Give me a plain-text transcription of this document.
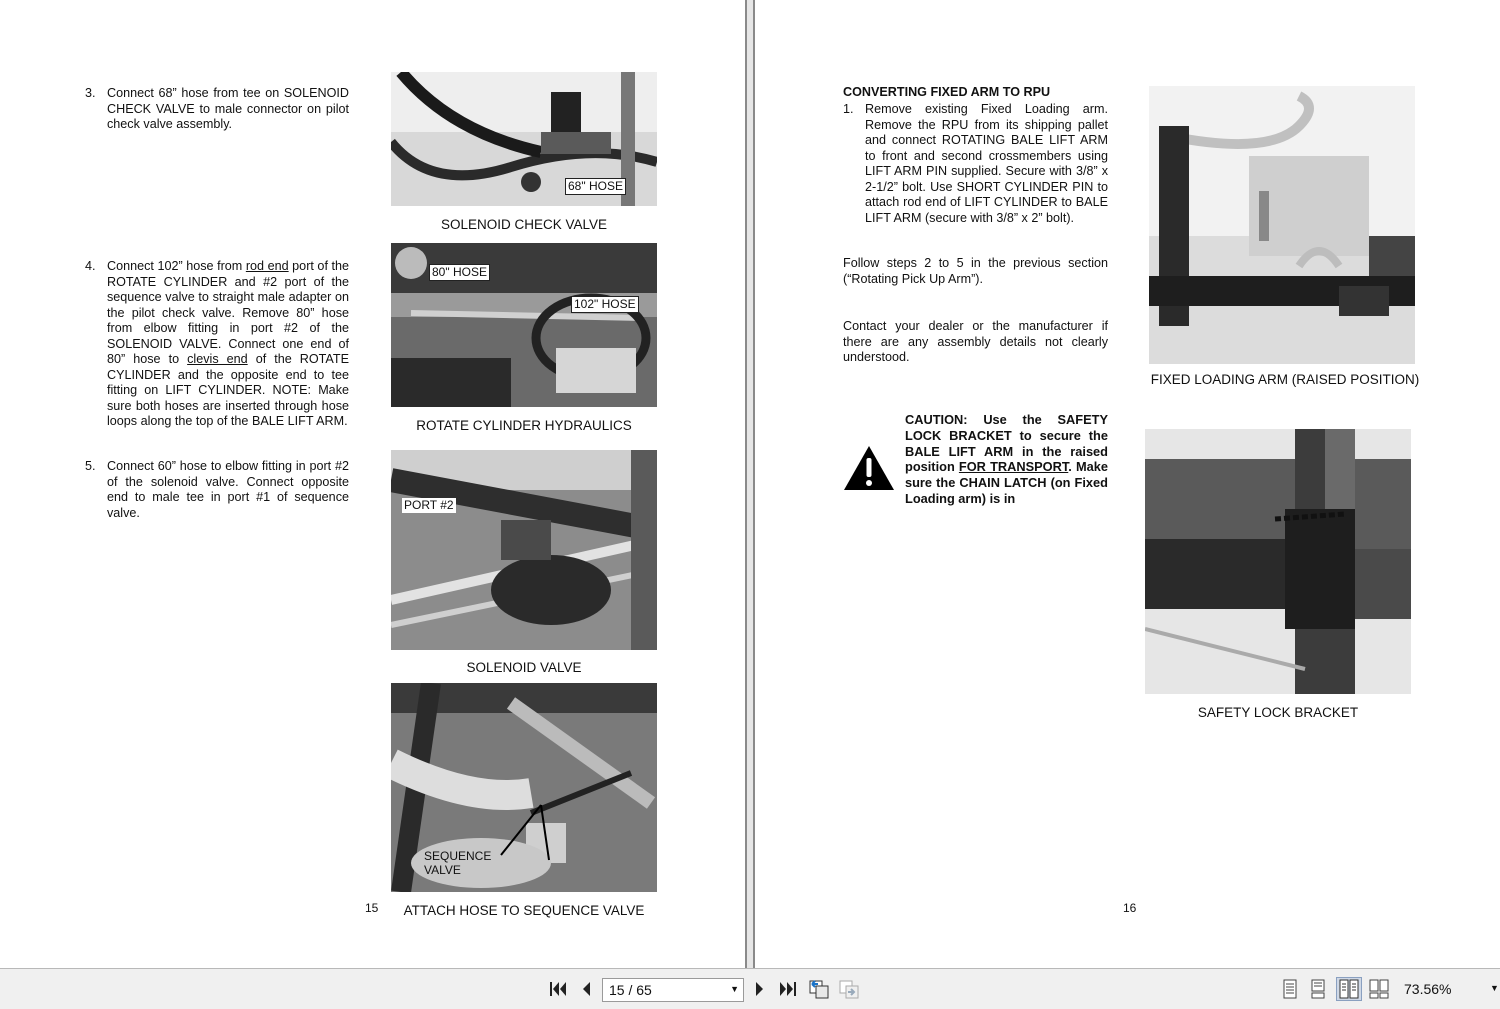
3. Connect 68” hose from tee on SOLENOID CHECK VALVE to male connector on pilot check valve assembly.

4. Connect 102” hose from rod end port of the ROTATE CYLINDER and #2 port of the sequence valve to straight male adapter on the pilot check valve. Remove 80” hose from elbow fitting in port #2 of the SOLENOID VALVE. Connect one end of 80” hose to clevis end of the ROTATE CYLINDER and the opposite end to tee fitting on LIFT CYLINDER. NOTE: Make sure both hoses are inserted through hose loops along the top of the BALE LIFT ARM.

5. Connect 60” hose to elbow fitting in port #2 of the solenoid valve. Connect opposite end to male tee in port #1 of sequence valve.

68" HOSE
SOLENOID CHECK VALVE
80" HOSE
102" HOSE
ROTATE CYLINDER HYDRAULICS
PORT #2
SOLENOID VALVE
SEQUENCE
VALVE
15	ATTACH HOSE TO SEQUENCE VALVE
CONVERTING FIXED ARM TO RPU
1. Remove existing Fixed Loading arm. Remove the RPU from its shipping pallet and connect ROTATING BALE LIFT ARM to front and second crossmembers using LIFT ARM PIN supplied. Secure with 3/8” x 2-1/2” bolt. Use SHORT CYLINDER PIN to attach rod end of LIFT CYLINDER to BALE LIFT ARM (secure with 3/8” x 2” bolt).

Follow steps 2 to 5 in the previous section (“Rotating Pick Up Arm”).

Contact your dealer or the manufacturer if there are any assembly details not clearly understood.

CAUTION: Use the SAFETY LOCK BRACKET to secure the BALE LIFT ARM in the raised position FOR TRANSPORT. Make sure the CHAIN LATCH (on Fixed Loading arm) is in
FIXED LOADING ARM (RAISED POSITION)
SAFETY LOCK BRACKET
16
15 / 65	▼	73.56%	▼
